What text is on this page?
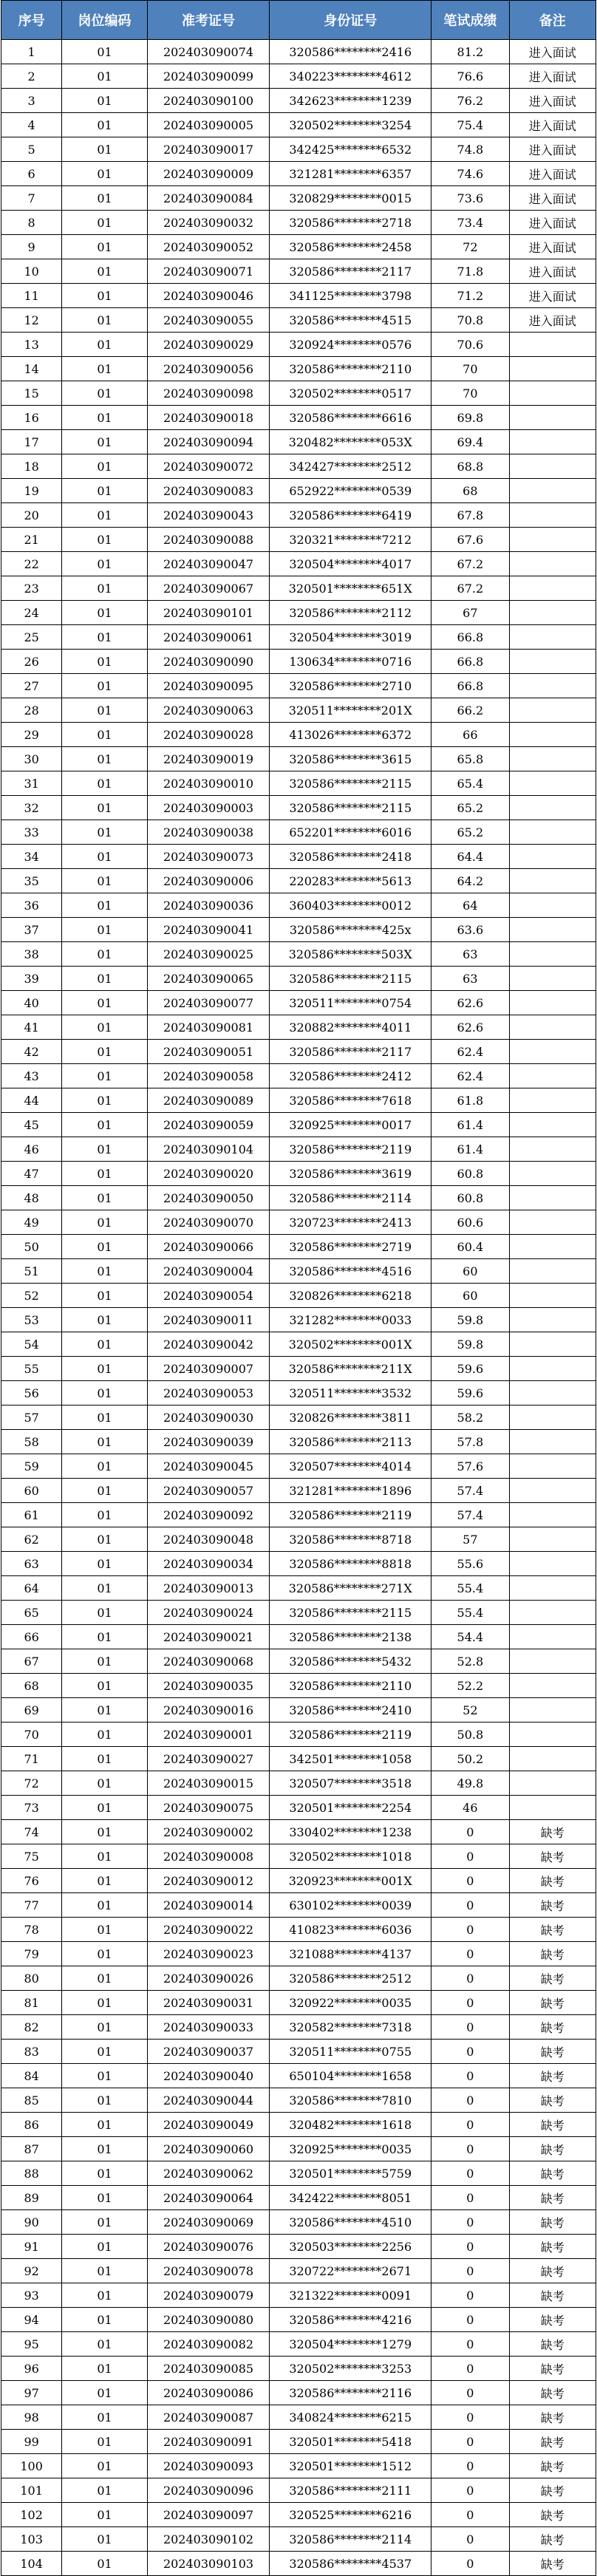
序号	岗位编码	准考证号	身份证号	笔试成绩	备注
1	01	202403090074	320586********2416	81.2	进入面试
2	01	202403090099	340223********4612	76.6	进入面试
3	01	202403090100	342623********1239	76.2	进入面试
4	01	202403090005	320502********3254	75.4	进入面试
5	01	202403090017	342425********6532	74.8	进入面试
6	01	202403090009	321281********6357	74.6	进入面试
7	01	202403090084	320829********0015	73.6	进入面试
8	01	202403090032	320586********2718	73.4	进入面试
9	01	202403090052	320586********2458	72	进入面试
10	01	202403090071	320586********2117	71.8	进入面试
11	01	202403090046	341125********3798	71.2	进入面试
12	01	202403090055	320586********4515	70.8	进入面试
13	01	202403090029	320924********0576	70.6	
14	01	202403090056	320586********2110	70	
15	01	202403090098	320502********0517	70	
16	01	202403090018	320586********6616	69.8	
17	01	202403090094	320482********053X	69.4	
18	01	202403090072	342427********2512	68.8	
19	01	202403090083	652922********0539	68	
20	01	202403090043	320586********6419	67.8	
21	01	202403090088	320321********7212	67.6	
22	01	202403090047	320504********4017	67.2	
23	01	202403090067	320501********651X	67.2	
24	01	202403090101	320586********2112	67	
25	01	202403090061	320504********3019	66.8	
26	01	202403090090	130634********0716	66.8	
27	01	202403090095	320586********2710	66.8	
28	01	202403090063	320511********201X	66.2	
29	01	202403090028	413026********6372	66	
30	01	202403090019	320586********3615	65.8	
31	01	202403090010	320586********2115	65.4	
32	01	202403090003	320586********2115	65.2	
33	01	202403090038	652201********6016	65.2	
34	01	202403090073	320586********2418	64.4	
35	01	202403090006	220283********5613	64.2	
36	01	202403090036	360403********0012	64	
37	01	202403090041	320586********425x	63.6	
38	01	202403090025	320586********503X	63	
39	01	202403090065	320586********2115	63	
40	01	202403090077	320511********0754	62.6	
41	01	202403090081	320882********4011	62.6	
42	01	202403090051	320586********2117	62.4	
43	01	202403090058	320586********2412	62.4	
44	01	202403090089	320586********7618	61.8	
45	01	202403090059	320925********0017	61.4	
46	01	202403090104	320586********2119	61.4	
47	01	202403090020	320586********3619	60.8	
48	01	202403090050	320586********2114	60.8	
49	01	202403090070	320723********2413	60.6	
50	01	202403090066	320586********2719	60.4	
51	01	202403090004	320586********4516	60	
52	01	202403090054	320826********6218	60	
53	01	202403090011	321282********0033	59.8	
54	01	202403090042	320502********001X	59.8	
55	01	202403090007	320586********211X	59.6	
56	01	202403090053	320511********3532	59.6	
57	01	202403090030	320826********3811	58.2	
58	01	202403090039	320586********2113	57.8	
59	01	202403090045	320507********4014	57.6	
60	01	202403090057	321281********1896	57.4	
61	01	202403090092	320586********2119	57.4	
62	01	202403090048	320586********8718	57	
63	01	202403090034	320586********8818	55.6	
64	01	202403090013	320586********271X	55.4	
65	01	202403090024	320586********2115	55.4	
66	01	202403090021	320586********2138	54.4	
67	01	202403090068	320586********5432	52.8	
68	01	202403090035	320586********2110	52.2	
69	01	202403090016	320586********2410	52	
70	01	202403090001	320586********2119	50.8	
71	01	202403090027	342501********1058	50.2	
72	01	202403090015	320507********3518	49.8	
73	01	202403090075	320501********2254	46	
74	01	202403090002	330402********1238	0	缺考
75	01	202403090008	320502********1018	0	缺考
76	01	202403090012	320923********001X	0	缺考
77	01	202403090014	630102********0039	0	缺考
78	01	202403090022	410823********6036	0	缺考
79	01	202403090023	321088********4137	0	缺考
80	01	202403090026	320586********2512	0	缺考
81	01	202403090031	320922********0035	0	缺考
82	01	202403090033	320582********7318	0	缺考
83	01	202403090037	320511********0755	0	缺考
84	01	202403090040	650104********1658	0	缺考
85	01	202403090044	320586********7810	0	缺考
86	01	202403090049	320482********1618	0	缺考
87	01	202403090060	320925********0035	0	缺考
88	01	202403090062	320501********5759	0	缺考
89	01	202403090064	342422********8051	0	缺考
90	01	202403090069	320586********4510	0	缺考
91	01	202403090076	320503********2256	0	缺考
92	01	202403090078	320722********2671	0	缺考
93	01	202403090079	321322********0091	0	缺考
94	01	202403090080	320586********4216	0	缺考
95	01	202403090082	320504********1279	0	缺考
96	01	202403090085	320502********3253	0	缺考
97	01	202403090086	320586********2116	0	缺考
98	01	202403090087	340824********6215	0	缺考
99	01	202403090091	320501********5418	0	缺考
100	01	202403090093	320501********1512	0	缺考
101	01	202403090096	320586********2111	0	缺考
102	01	202403090097	320525********6216	0	缺考
103	01	202403090102	320586********2114	0	缺考
104	01	202403090103	320586********4537	0	缺考
